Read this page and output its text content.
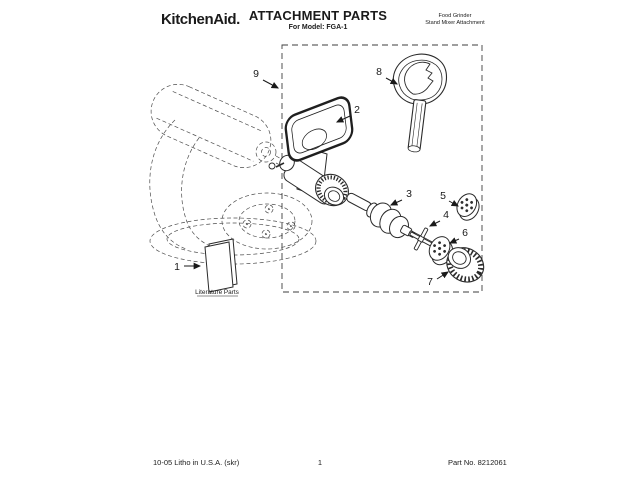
KitchenAid. ATTACHMENT PARTS
For Model: FGA-1
Food Grinder
Stand Mixer Attachment
Literature Parts
1
2
3
4
5
6
7
8
9
10-05 Litho in U.S.A. (skr)	1	Part No. 8212061
